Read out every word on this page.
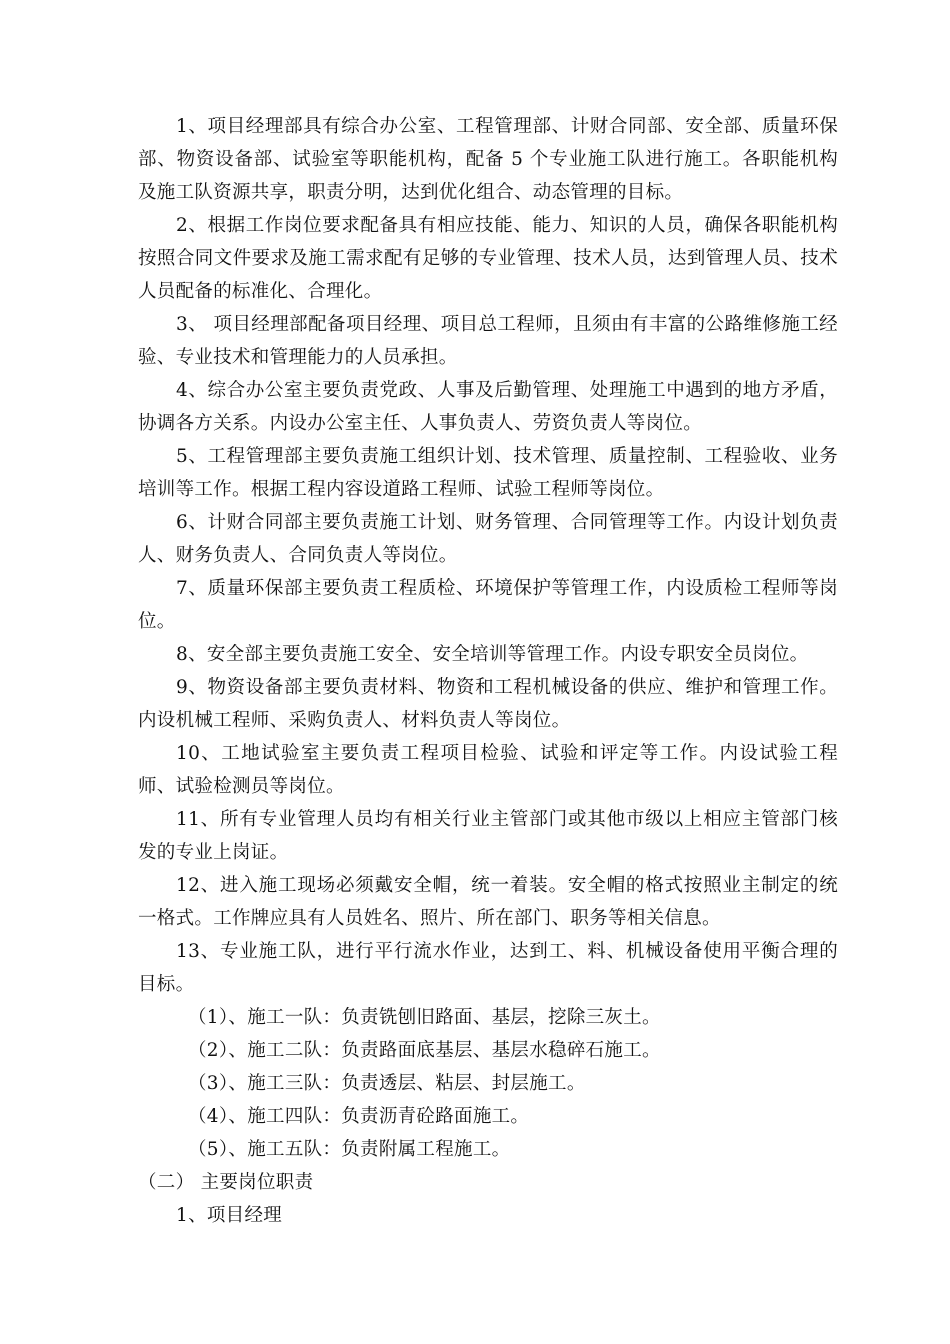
1、项目经理部具有综合办公室、工程管理部、计财合同部、安全部、质量环保部、物资设备部、试验室等职能机构，配备 5 个专业施工队进行施工。各职能机构及施工队资源共享，职责分明，达到优化组合、动态管理的目标。

2、根据工作岗位要求配备具有相应技能、能力、知识的人员，确保各职能机构按照合同文件要求及施工需求配有足够的专业管理、技术人员，达到管理人员、技术人员配备的标准化、合理化。

3、 项目经理部配备项目经理、项目总工程师，且须由有丰富的公路维修施工经验、专业技术和管理能力的人员承担。

4、综合办公室主要负责党政、人事及后勤管理、处理施工中遇到的地方矛盾，协调各方关系。内设办公室主任、人事负责人、劳资负责人等岗位。

5、工程管理部主要负责施工组织计划、技术管理、质量控制、工程验收、业务培训等工作。根据工程内容设道路工程师、试验工程师等岗位。

6、计财合同部主要负责施工计划、财务管理、合同管理等工作。内设计划负责人、财务负责人、合同负责人等岗位。

7、质量环保部主要负责工程质检、环境保护等管理工作，内设质检工程师等岗位。

8、安全部主要负责施工安全、安全培训等管理工作。内设专职安全员岗位。

9、物资设备部主要负责材料、物资和工程机械设备的供应、维护和管理工作。内设机械工程师、采购负责人、材料负责人等岗位。

10、工地试验室主要负责工程项目检验、试验和评定等工作。内设试验工程师、试验检测员等岗位。

11、所有专业管理人员均有相关行业主管部门或其他市级以上相应主管部门核发的专业上岗证。

12、进入施工现场必须戴安全帽，统一着装。安全帽的格式按照业主制定的统一格式。工作牌应具有人员姓名、照片、所在部门、职务等相关信息。

13、专业施工队，进行平行流水作业，达到工、料、机械设备使用平衡合理的目标。

（1）、施工一队：负责铣刨旧路面、基层，挖除三灰土。

（2）、施工二队：负责路面底基层、基层水稳碎石施工。

（3）、施工三队：负责透层、粘层、封层施工。

（4）、施工四队：负责沥青砼路面施工。

（5）、施工五队：负责附属工程施工。

（二） 主要岗位职责

1、项目经理
